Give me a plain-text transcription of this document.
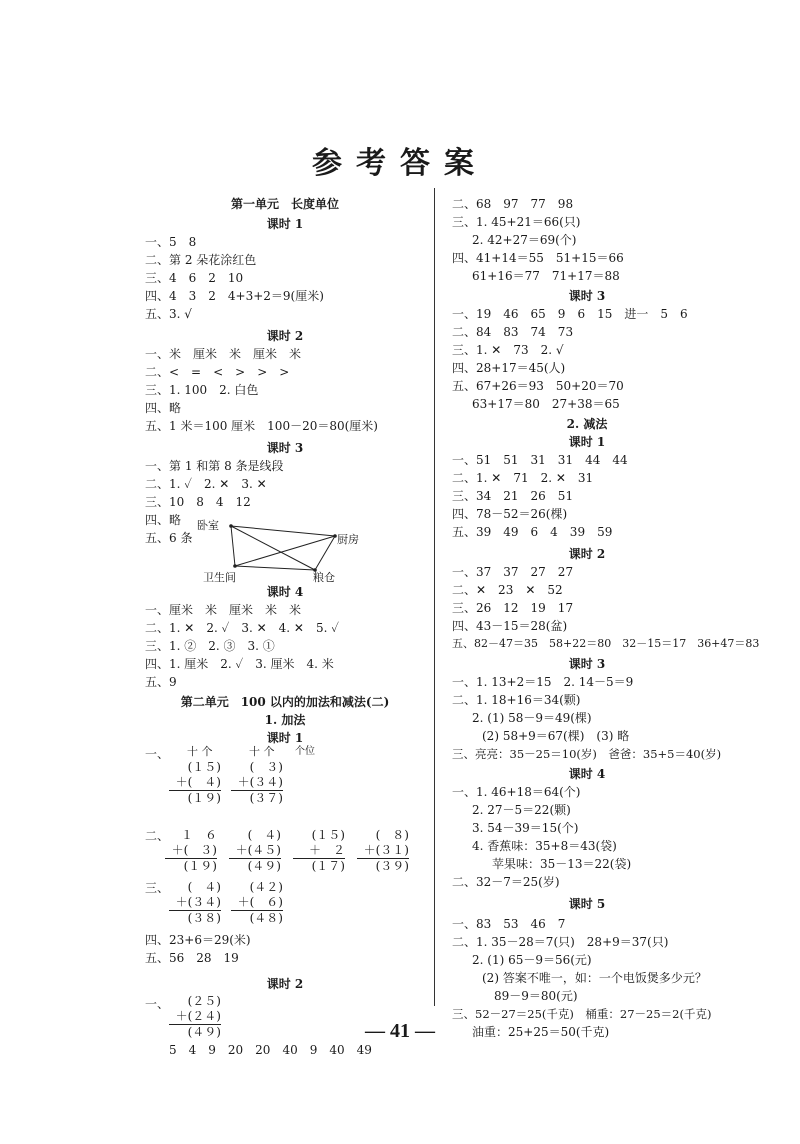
参考答案
第一单元　长度单位
课时 1
一、5　8
二、第 2 朵花涂红色
三、4　6　2　10
四、4　3　2　4+3+2＝9(厘米)
五、3. √
课时 2
一、米　厘米　米　厘米　米
二、<　=　<　>　>　>
三、1. 100　2. 白色
四、略
五、1 米＝100 厘米　100－20＝80(厘米)
课时 3
一、第 1 和第 8 条是线段
二、1. ✓　2. ✕　3. ✕
三、10　8　4　12
四、略
五、6 条
卧室
厨房
卫生间	粮仓
课时 4
一、厘米　米　厘米　米　米
二、1. ✕　2. ✓　3. ✕　4. ✕　5. ✓
三、1. ②　2. ③　3. ①
四、1. 厘米　2. ✓　3. 厘米　4. 米
五、9
第二单元　100 以内的加法和减法(二)
1. 加法
课时 1
一、 十 个	十 个 个位
(１５)
＋(　４)
(１９)
(　３)
＋(３４)
(３７)
二、 １　６
＋(　３)
(１９)
(　４)
＋(４５)
(４９)
(１５)
＋　２
(１７)
(　８)
＋(３１)
(３９)
三、	(　４)
＋(３４)
(３８)
(４２)
＋(　６)
(４８)
四、23+6＝29(米)
五、56　28　19
课时 2
一、	(２５)
＋(２４)
(４９)
5　4　9　20　20　40　9　40　49
二、68　97　77　98
三、1. 45+21＝66(只)
2. 42+27＝69(个)
四、41+14＝55　51+15＝66
61+16＝77　71+17＝88
课时 3
一、19　46　65　9　6　15　进一　5　6
二、84　83　74　73
三、1. ✕　73　2. √
四、28+17＝45(人)
五、67+26＝93　50+20＝70
63+17＝80　27+38＝65
2. 减法
课时 1
一、51　51　31　31　44　44
二、1. ✕　71　2. ✕　31
三、34　21　26　51
四、78－52＝26(棵)
五、39　49　6　4　39　59
课时 2
一、37　37　27　27
二、✕　23　✕　52
三、26　12　19　17
四、43－15＝28(盆)
五、82－47＝35　58+22＝80　32－15＝17　36+47＝83
课时 3
一、1. 13+2＝15　2. 14－5＝9
二、1. 18+16＝34(颗)
2. (1) 58－9＝49(棵)
(2) 58+9＝67(棵)　(3) 略
三、亮亮：35－25＝10(岁)　爸爸：35+5＝40(岁)
课时 4
一、1. 46+18＝64(个)
2. 27－5＝22(颗)
3. 54－39＝15(个)
4. 香蕉味：35+8＝43(袋)
苹果味：35－13＝22(袋)
二、32－7＝25(岁)
课时 5
一、83　53　46　7
二、1. 35－28＝7(只)　28+9＝37(只)
2. (1) 65－9＝56(元)
(2) 答案不唯一，如：一个电饭煲多少元？
89－9＝80(元)
三、52－27＝25(千克)　桶重：27－25＝2(千克)
油重：25+25＝50(千克)
— 41 —
